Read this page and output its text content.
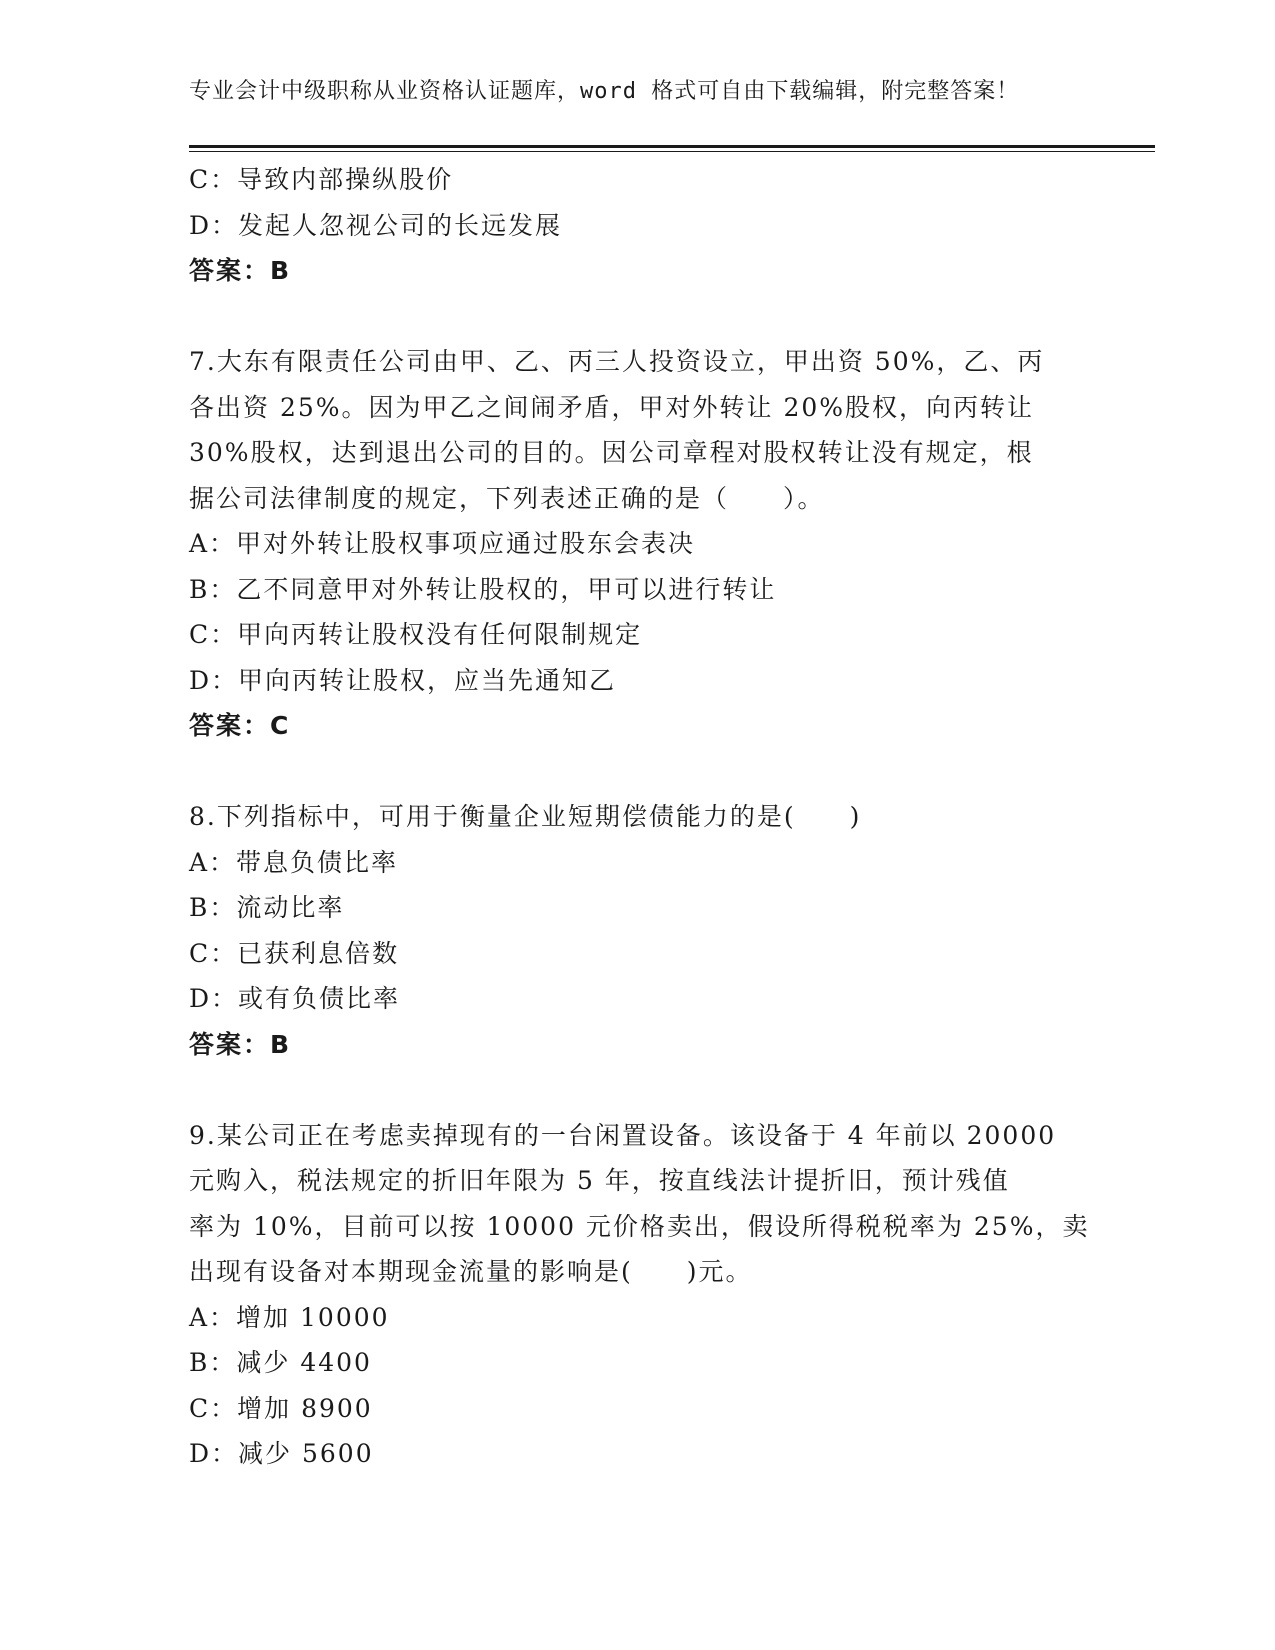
专业会计中级职称从业资格认证题库，word 格式可自由下载编辑，附完整答案！
C：导致内部操纵股价
D：发起人忽视公司的长远发展
答案：B
7.大东有限责任公司由甲、乙、丙三人投资设立，甲出资 50%，乙、丙
各出资 25%。因为甲乙之间闹矛盾，甲对外转让 20%股权，向丙转让
30%股权，达到退出公司的目的。因公司章程对股权转让没有规定，根
据公司法律制度的规定，下列表述正确的是（　　）。
A：甲对外转让股权事项应通过股东会表决
B：乙不同意甲对外转让股权的，甲可以进行转让
C：甲向丙转让股权没有任何限制规定
D：甲向丙转让股权，应当先通知乙
答案：C
8.下列指标中，可用于衡量企业短期偿债能力的是(　　)
A：带息负债比率
B：流动比率
C：已获利息倍数
D：或有负债比率
答案：B
9.某公司正在考虑卖掉现有的一台闲置设备。该设备于 4 年前以 20000
元购入，税法规定的折旧年限为 5 年，按直线法计提折旧，预计残值
率为 10%，目前可以按 10000 元价格卖出，假设所得税税率为 25%，卖
出现有设备对本期现金流量的影响是(　　)元。
A：增加 10000
B：减少 4400
C：增加 8900
D：减少 5600
